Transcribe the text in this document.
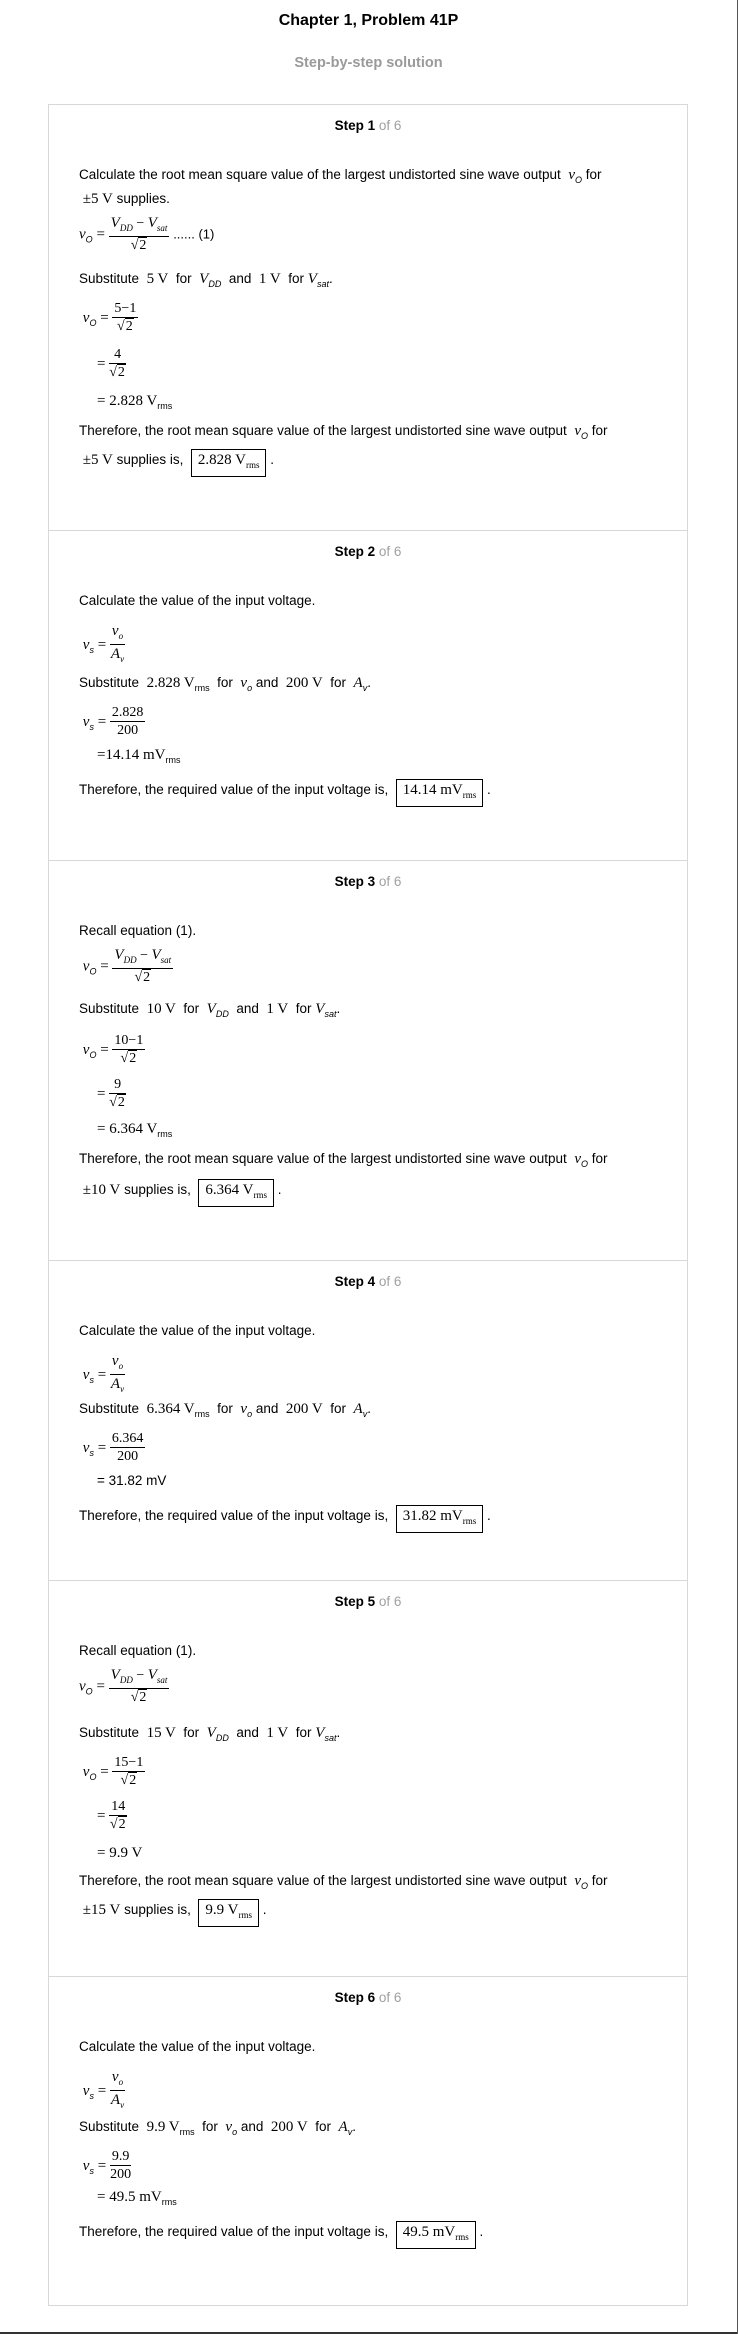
Chapter 1, Problem 41P
Step-by-step solution
Step 1 of 6
Calculate the root mean square value of the largest undistorted sine wave output $v_O$ for
±5 V supplies.
$v_O = \frac{V_{DD} - V_{sat}}{√2}$ ...... (1)
Substitute 5 V for $V_{DD}$ and 1 V for $V_{sat}$.
$v_O = \frac{5-1}{√2}$
= $\frac{4}{√2}$
= 2.828 $V_{rms}$
Therefore, the root mean square value of the largest undistorted sine wave output $v_O$ for
±5 V supplies is, 2.828 $V_{rms}$ .
Step 2 of 6
Calculate the value of the input voltage.
$v_s = \frac{v_o}{A_v}$
Substitute 2.828 $V_{rms}$ for $v_o$ and 200 V for $A_v$.
$v_s = \frac{2.828}{200}$
=14.14 $mV_{rms}$
Therefore, the required value of the input voltage is, 14.14 $mV_{rms}$ .
Step 3 of 6
Recall equation (1).
$v_O = \frac{V_{DD} - V_{sat}}{√2}$
Substitute 10 V for $V_{DD}$ and 1 V for $V_{sat}$.
$v_O = \frac{10-1}{√2}$
= $\frac{9}{√2}$
= 6.364 $V_{rms}$
Therefore, the root mean square value of the largest undistorted sine wave output $v_O$ for
±10 V supplies is, 6.364 $V_{rms}$ .
Step 4 of 6
Calculate the value of the input voltage.
$v_s = \frac{v_o}{A_v}$
Substitute 6.364 $V_{rms}$ for $v_o$ and 200 V for $A_v$.
$v_s = \frac{6.364}{200}$
= 31.82 mV
Therefore, the required value of the input voltage is, 31.82 $mV_{rms}$ .
Step 5 of 6
Recall equation (1).
$v_O = \frac{V_{DD} - V_{sat}}{√2}$
Substitute 15 V for $V_{DD}$ and 1 V for $V_{sat}$.
$v_O = \frac{15-1}{√2}$
= $\frac{14}{√2}$
= 9.9 V
Therefore, the root mean square value of the largest undistorted sine wave output $v_O$ for
±15 V supplies is, 9.9 $V_{rms}$ .
Step 6 of 6
Calculate the value of the input voltage.
$v_s = \frac{v_o}{A_v}$
Substitute 9.9 $V_{rms}$ for $v_o$ and 200 V for $A_v$.
$v_s = \frac{9.9}{200}$
= 49.5 $mV_{rms}$
Therefore, the required value of the input voltage is, 49.5 $mV_{rms}$ .
